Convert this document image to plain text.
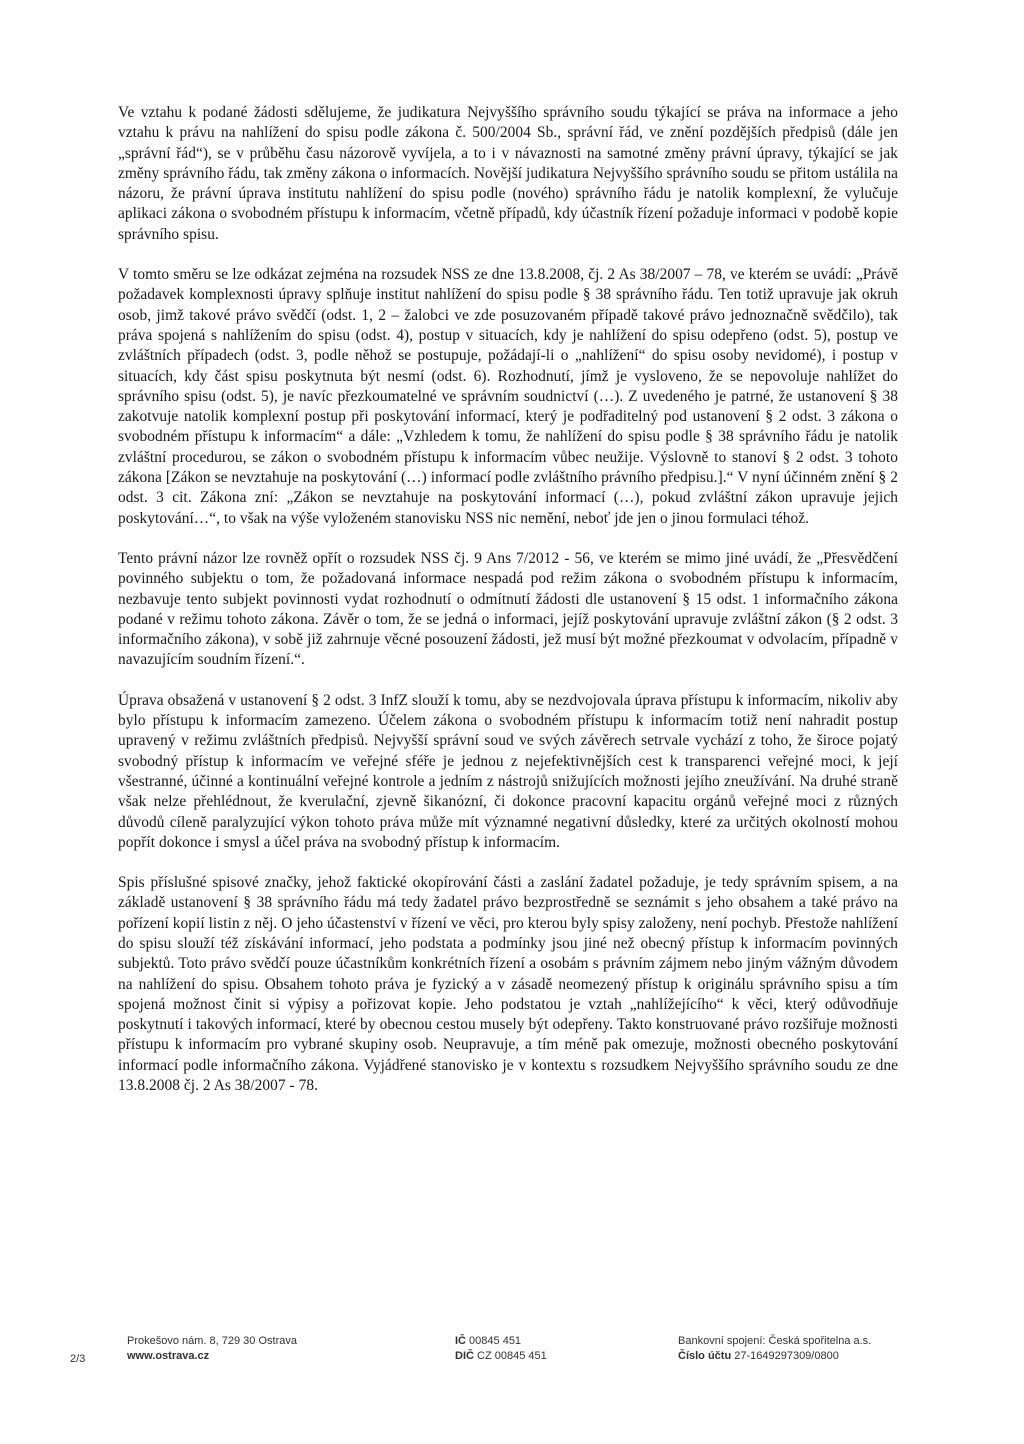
Ve vztahu k podané žádosti sdělujeme, že judikatura Nejvyššího správního soudu týkající se práva na informace a jeho vztahu k právu na nahlížení do spisu podle zákona č. 500/2004 Sb., správní řád, ve znění pozdějších předpisů (dále jen „správní řád“), se v průběhu času názorově vyvíjela, a to i v návaznosti na samotné změny právní úpravy, týkající se jak změny správního řádu, tak změny zákona o informacích. Novější judikatura Nejvyššího správního soudu se přitom ustálila na názoru, že právní úprava institutu nahlížení do spisu podle (nového) správního řádu je natolik komplexní, že vylučuje aplikaci zákona o svobodném přístupu k informacím, včetně případů, kdy účastník řízení požaduje informaci v podobě kopie správního spisu.

V tomto směru se lze odkázat zejména na rozsudek NSS ze dne 13.8.2008, čj. 2 As 38/2007 – 78, ve kterém se uvádí: „Právě požadavek komplexnosti úpravy splňuje institut nahlížení do spisu podle § 38 správního řádu. Ten totiž upravuje jak okruh osob, jimž takové právo svědčí (odst. 1, 2 – žalobci ve zde posuzovaném případě takové právo jednoznačně svědčilo), tak práva spojená s nahlížením do spisu (odst. 4), postup v situacích, kdy je nahlížení do spisu odepřeno (odst. 5), postup ve zvláštních případech (odst. 3, podle něhož se postupuje, požádají-li o „nahlížení“ do spisu osoby nevidomé), i postup v situacích, kdy část spisu poskytnuta být nesmí (odst. 6). Rozhodnutí, jímž je vysloveno, že se nepovoluje nahlížet do správního spisu (odst. 5), je navíc přezkoumatelné ve správním soudnictví (…). Z uvedeného je patrné, že ustanovení § 38 zakotvuje natolik komplexní postup při poskytování informací, který je podřaditelný pod ustanovení § 2 odst. 3 zákona o svobodném přístupu k informacím“ a dále: „Vzhledem k tomu, že nahlížení do spisu podle § 38 správního řádu je natolik zvláštní procedurou, se zákon o svobodném přístupu k informacím vůbec neužije. Výslovně to stanoví § 2 odst. 3 tohoto zákona [Zákon se nevztahuje na poskytování (…) informací podle zvláštního právního předpisu.].“ V nyní účinném znění § 2 odst. 3 cit. Zákona zní: „Zákon se nevztahuje na poskytování informací (…), pokud zvláštní zákon upravuje jejich poskytování…“, to však na výše vyloženém stanovisku NSS nic nemění, neboť jde jen o jinou formulaci téhož.

Tento právní názor lze rovněž opřít o rozsudek NSS čj. 9 Ans 7/2012 - 56, ve kterém se mimo jiné uvádí, že „Přesvědčení povinného subjektu o tom, že požadovaná informace nespadá pod režim zákona o svobodném přístupu k informacím, nezbavuje tento subjekt povinnosti vydat rozhodnutí o odmítnutí žádosti dle ustanovení § 15 odst. 1 informačního zákona podané v režimu tohoto zákona. Závěr o tom, že se jedná o informaci, jejíž poskytování upravuje zvláštní zákon (§ 2 odst. 3 informačního zákona), v sobě již zahrnuje věcné posouzení žádosti, jež musí být možné přezkoumat v odvolacím, případně v navazujícím soudním řízení.“.

Úprava obsažená v ustanovení § 2 odst. 3 InfZ slouží k tomu, aby se nezdvojovala úprava přístupu k informacím, nikoliv aby bylo přístupu k informacím zamezeno. Účelem zákona o svobodném přístupu k informacím totiž není nahradit postup upravený v režimu zvláštních předpisů. Nejvyšší správní soud ve svých závěrech setrvale vychází z toho, že široce pojatý svobodný přístup k informacím ve veřejné sféře je jednou z nejefektivnějších cest k transparenci veřejné moci, k její všestranné, účinné a kontinuální veřejné kontrole a jedním z nástrojů snižujících možnosti jejího zneužívání. Na druhé straně však nelze přehlédnout, že kverulační, zjevně šikanózní, či dokonce pracovní kapacitu orgánů veřejné moci z různých důvodů cíleně paralyzující výkon tohoto práva může mít významné negativní důsledky, které za určitých okolností mohou popřít dokonce i smysl a účel práva na svobodný přístup k informacím.

Spis příslušné spisové značky, jehož faktické okopírování části a zaslání žadatel požaduje, je tedy správním spisem, a na základě ustanovení § 38 správního řádu má tedy žadatel právo bezprostředně se seznámit s jeho obsahem a také právo na pořízení kopií listin z něj. O jeho účastenství v řízení ve věci, pro kterou byly spisy založeny, není pochyb. Přestože nahlížení do spisu slouží též získávání informací, jeho podstata a podmínky jsou jiné než obecný přístup k informacím povinných subjektů. Toto právo svědčí pouze účastníkům konkrétních řízení a osobám s právním zájmem nebo jiným vážným důvodem na nahlížení do spisu. Obsahem tohoto práva je fyzický a v zásadě neomezený přístup k originálu správního spisu a tím spojená možnost činit si výpisy a pořizovat kopie. Jeho podstatou je vztah „nahlížejícího“ k věci, který odůvodňuje poskytnutí i takových informací, které by obecnou cestou musely být odepřeny. Takto konstruované právo rozšiřuje možnosti přístupu k informacím pro vybrané skupiny osob. Neupravuje, a tím méně pak omezuje, možnosti obecného poskytování informací podle informačního zákona. Vyjádřené stanovisko je v kontextu s rozsudkem Nejvyššího správního soudu ze dne 13.8.2008 čj. 2 As 38/2007 - 78.

2/3
Prokešovo nám. 8, 729 30 Ostrava
www.ostrava.cz
IČ 00845 451
DIČ CZ 00845 451
Bankovní spojení: Česká spořitelna a.s.
Číslo účtu 27-1649297309/0800
